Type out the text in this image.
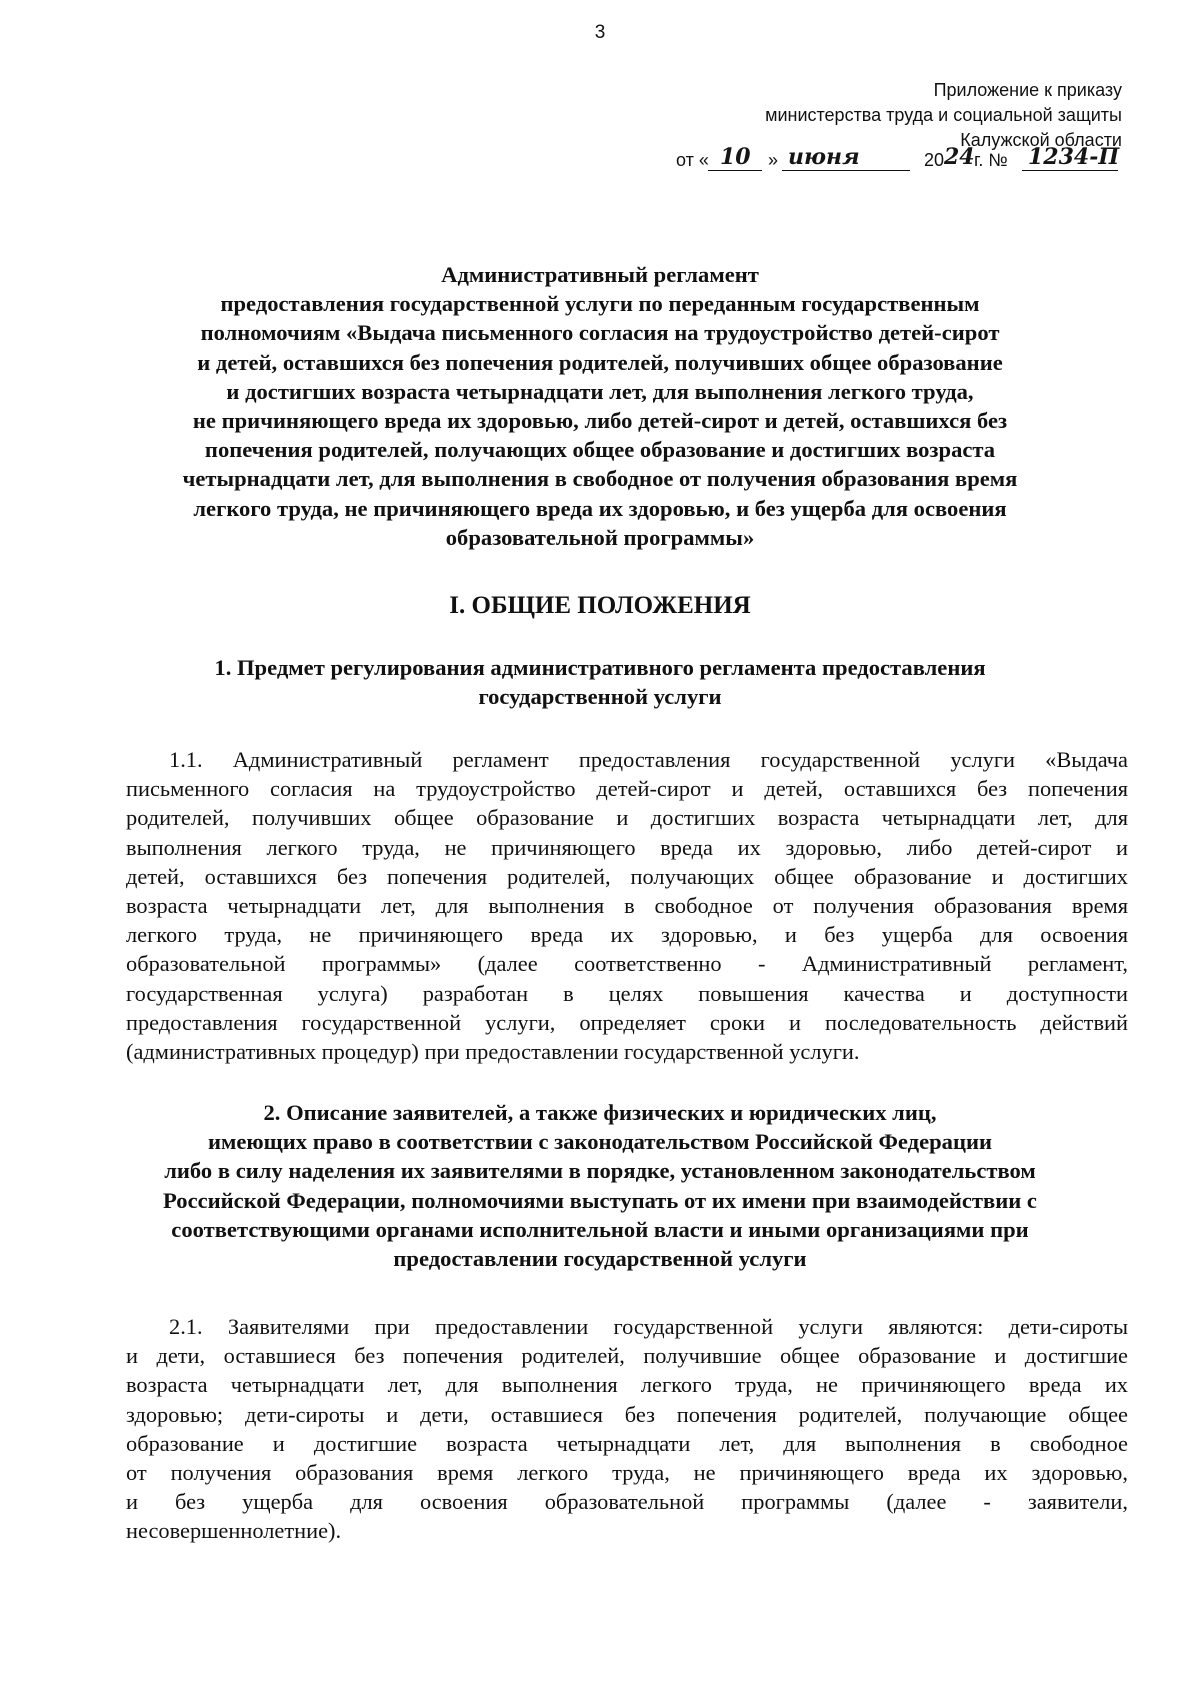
3
Приложение к приказу
министерства труда и социальной защиты
Калужской области
от « 10 » июня	20 24 г. № 1234-П
Административный регламент
предоставления государственной услуги по переданным государственным
полномочиям «Выдача письменного согласия на трудоустройство детей-сирот
и детей, оставшихся без попечения родителей, получивших общее образование
и достигших возраста четырнадцати лет, для выполнения легкого труда,
не причиняющего вреда их здоровью, либо детей-сирот и детей, оставшихся без
попечения родителей, получающих общее образование и достигших возраста
четырнадцати лет, для выполнения в свободное от получения образования время
легкого труда, не причиняющего вреда их здоровью, и без ущерба для освоения
образовательной программы»
I. ОБЩИЕ ПОЛОЖЕНИЯ
1. Предмет регулирования административного регламента предоставления
государственной услуги
1.1. Административный регламент предоставления государственной услуги «Выдача
письменного согласия на трудоустройство детей-сирот и детей, оставшихся без попечения
родителей, получивших общее образование и достигших возраста четырнадцати лет, для
выполнения легкого труда, не причиняющего вреда их здоровью, либо детей-сирот и
детей, оставшихся без попечения родителей, получающих общее образование и достигших
возраста четырнадцати лет, для выполнения в свободное от получения образования время
легкого труда, не причиняющего вреда их здоровью, и без ущерба для освоения
образовательной программы» (далее соответственно - Административный регламент,
государственная услуга) разработан в целях повышения качества и доступности
предоставления государственной услуги, определяет сроки и последовательность действий
(административных процедур) при предоставлении государственной услуги.
2. Описание заявителей, а также физических и юридических лиц,
имеющих право в соответствии с законодательством Российской Федерации
либо в силу наделения их заявителями в порядке, установленном законодательством
Российской Федерации, полномочиями выступать от их имени при взаимодействии с
соответствующими органами исполнительной власти и иными организациями при
предоставлении государственной услуги
2.1. Заявителями при предоставлении государственной услуги являются: дети-сироты
и дети, оставшиеся без попечения родителей, получившие общее образование и достигшие
возраста четырнадцати лет, для выполнения легкого труда, не причиняющего вреда их
здоровью; дети-сироты и дети, оставшиеся без попечения родителей, получающие общее
образование и достигшие возраста четырнадцати лет, для выполнения в свободное
от получения образования время легкого труда, не причиняющего вреда их здоровью,
и без ущерба для освоения образовательной программы (далее - заявители,
несовершеннолетние).
